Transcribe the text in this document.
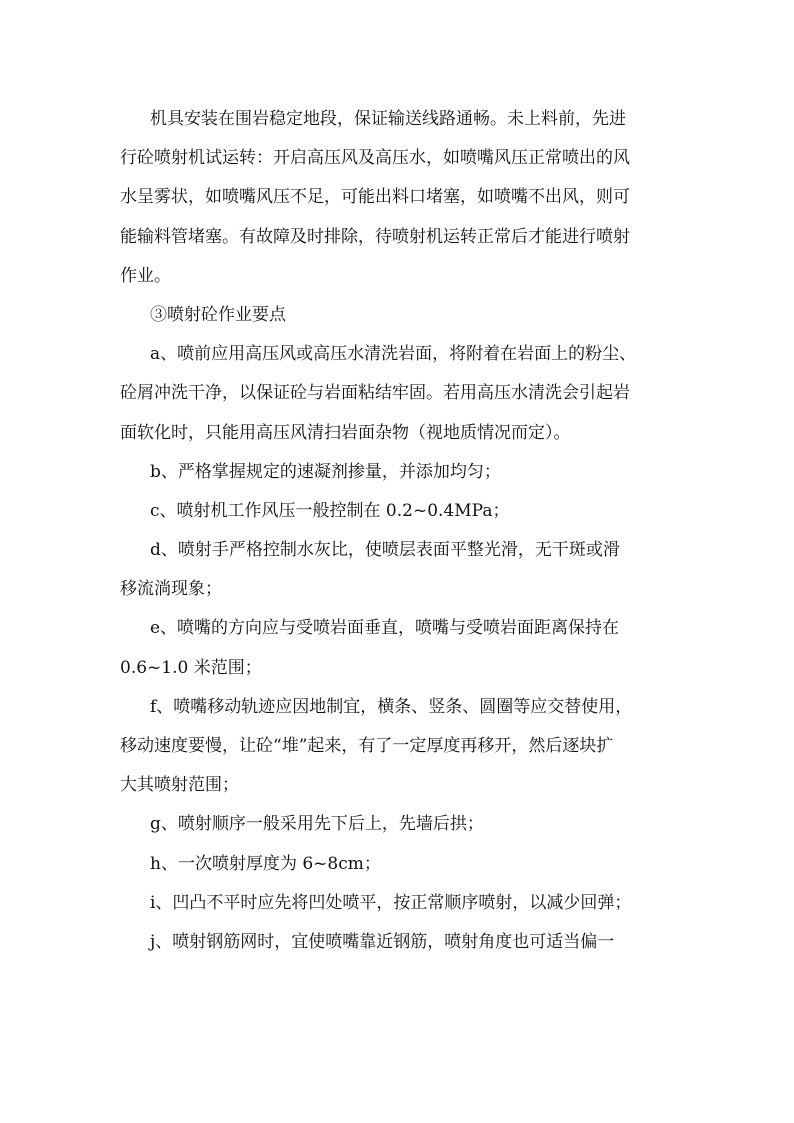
机具安装在围岩稳定地段，保证输送线路通畅。未上料前，先进
行砼喷射机试运转：开启高压风及高压水，如喷嘴风压正常喷出的风
水呈雾状，如喷嘴风压不足，可能出料口堵塞，如喷嘴不出风，则可
能输料管堵塞。有故障及时排除，待喷射机运转正常后才能进行喷射
作业。
③喷射砼作业要点
a、喷前应用高压风或高压水清洗岩面，将附着在岩面上的粉尘、
砼屑冲洗干净，以保证砼与岩面粘结牢固。若用高压水清洗会引起岩
面软化时，只能用高压风清扫岩面杂物（视地质情况而定）。
b、严格掌握规定的速凝剂掺量，并添加均匀；
c、喷射机工作风压一般控制在 0.2~0.4MPa；
d、喷射手严格控制水灰比，使喷层表面平整光滑，无干斑或滑
移流淌现象；
e、喷嘴的方向应与受喷岩面垂直，喷嘴与受喷岩面距离保持在
0.6~1.0 米范围；
f、喷嘴移动轨迹应因地制宜，横条、竖条、圆圈等应交替使用，
移动速度要慢，让砼“堆”起来，有了一定厚度再移开，然后逐块扩
大其喷射范围；
g、喷射顺序一般采用先下后上，先墙后拱；
h、一次喷射厚度为 6~8cm；
i、凹凸不平时应先将凹处喷平，按正常顺序喷射，以减少回弹；
j、喷射钢筋网时，宜使喷嘴靠近钢筋，喷射角度也可适当偏一
